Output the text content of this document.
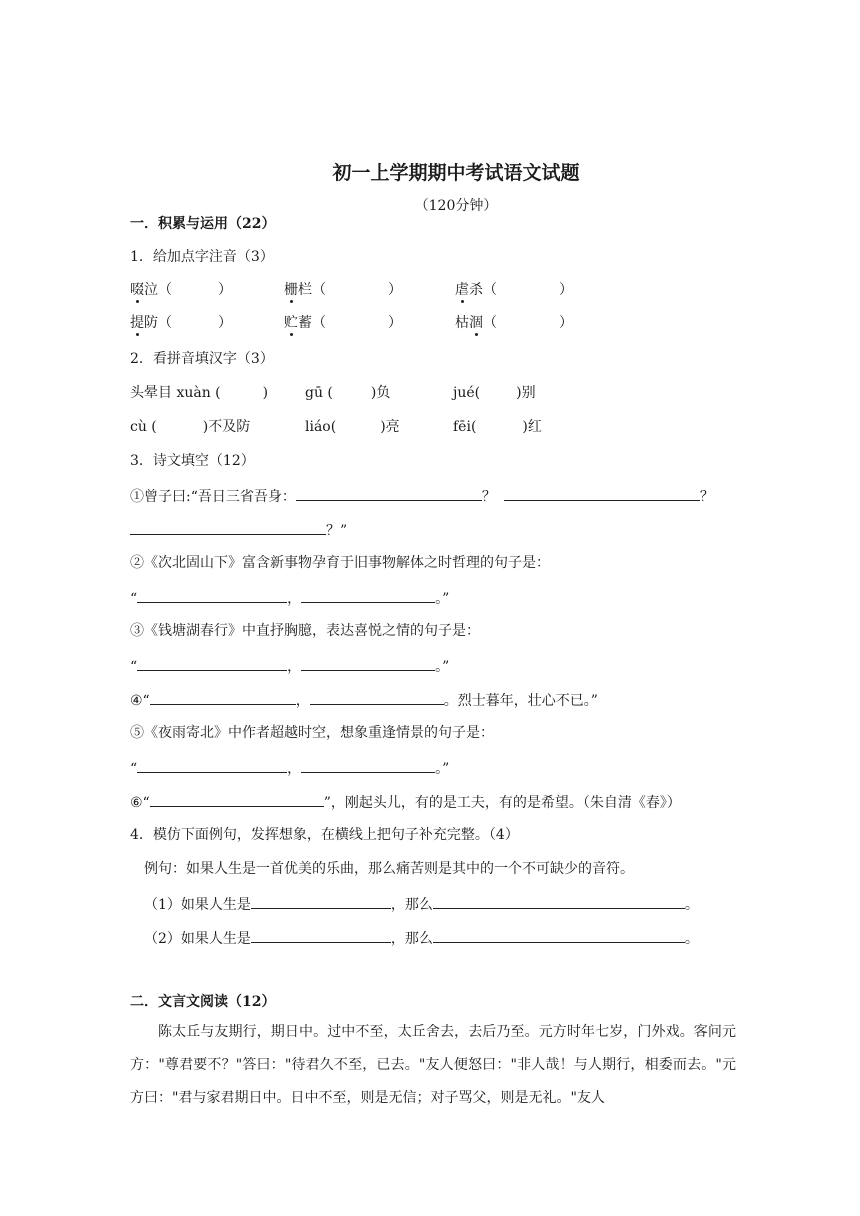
初一上学期期中考试语文试题
（120分钟）
一．积累与运用（22）
1．给加点字注音（3）
啜泣（	）	栅栏（	）	虐杀（	）
提防（	）	贮蓄（	）	枯涸（	）
2．看拼音填汉字（3）
头晕目 xuàn (	)	gū (	)负	jué(	)别
cù (	)不及防	liáo(	)亮	fēi(	)红
3．诗文填空（12）
①曾子曰:“吾日三省吾身：	？	？
？”
②《次北固山下》富含新事物孕育于旧事物解体之时哲理的句子是：
“	，	。”
③《钱塘湖春行》中直抒胸臆，表达喜悦之情的句子是：
“	，	。”
④“	，	。烈士暮年，壮心不已。”
⑤《夜雨寄北》中作者超越时空，想象重逢情景的句子是：
“	，	。”
⑥“	”，刚起头儿，有的是工夫，有的是希望。（朱自清《春》）
4．模仿下面例句，发挥想象，在横线上把句子补充完整。（4）
例句：如果人生是一首优美的乐曲，那么痛苦则是其中的一个不可缺少的音符。
（1）如果人生是	，那么	。
（2）如果人生是	，那么	。
二．文言文阅读（12）
陈太丘与友期行，期日中。过中不至，太丘舍去，去后乃至。元方时年七岁，门外戏。客问元方："尊君要不？"答曰："待君久不至，已去。"友人便怒曰："非人哉！与人期行，相委而去。"元方曰："君与家君期日中。日中不至，则是无信；对子骂父，则是无礼。"友人
